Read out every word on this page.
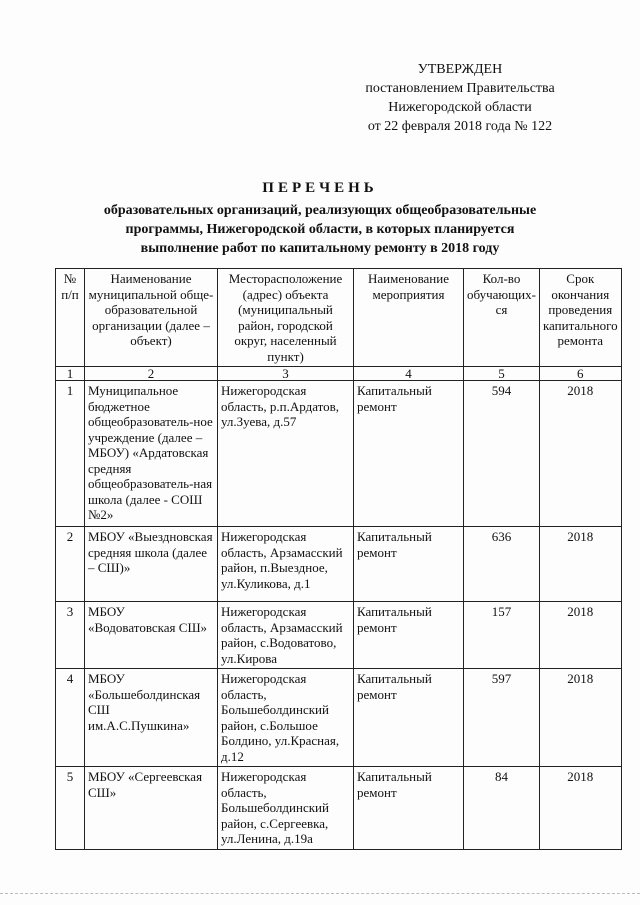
УТВЕРЖДЕН
постановлением Правительства
Нижегородской области
от 22 февраля 2018 года № 122
ПЕРЕЧЕНЬ
образовательных организаций, реализующих общеобразовательные
программы, Нижегородской области, в которых планируется
выполнение работ по капитальному ремонту в 2018 году
№ п/п	Наименование муниципальной обще-образовательной организации (далее – объект)	Месторасположение (адрес) объекта (муниципальный район, городской округ, населенный пункт)	Наименование мероприятия	Кол-во обучающих-ся	Срок окончания проведения капитального ремонта
1	2	3	4	5	6
1	Муниципальное бюджетное общеобразователь-ное учреждение (далее – МБОУ) «Ардатовская средняя общеобразователь-ная школа (далее - СОШ №2»	Нижегородская область, р.п.Ардатов, ул.Зуева, д.57	Капитальный ремонт	594	2018
2	МБОУ «Выездновская средняя школа (далее – СШ)»	Нижегородская область, Арзамасский район, п.Выездное, ул.Куликова, д.1	Капитальный ремонт	636	2018
3	МБОУ «Водоватовская СШ»	Нижегородская область, Арзамасский район, с.Водоватово, ул.Кирова	Капитальный ремонт	157	2018
4	МБОУ «Большеболдинская СШ им.А.С.Пушкина»	Нижегородская область, Большеболдинский район, с.Большое Болдино, ул.Красная, д.12	Капитальный ремонт	597	2018
5	МБОУ «Сергеевская СШ»	Нижегородская область, Большеболдинский район, с.Сергеевка, ул.Ленина, д.19а	Капитальный ремонт	84	2018
